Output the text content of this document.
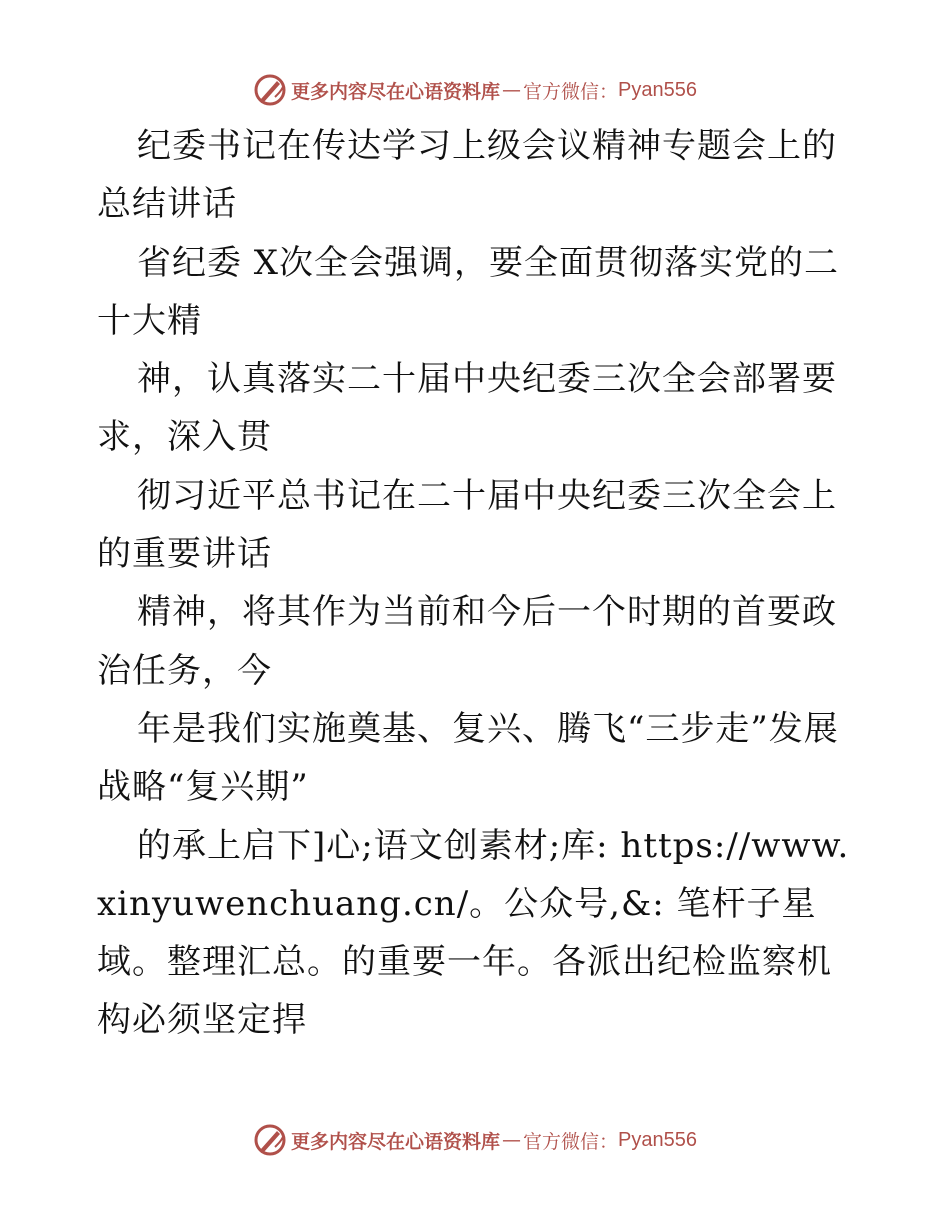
更多内容尽在心语资料库 — 官方微信： Pyan556

纪委书记在传达学习上级会议精神专题会上的总结讲话

省纪委 X次全会强调，要全面贯彻落实党的二十大精

神，认真落实二十届中央纪委三次全会部署要求，深入贯

彻习近平总书记在二十届中央纪委三次全会上的重要讲话

精神，将其作为当前和今后一个时期的首要政治任务，今

年是我们实施奠基、复兴、腾飞“三步走”发展战略“复兴期”

的承上启下]心;语文创素材;库: https://www.xinyuwenchuang.cn/。公众号,&: 笔杆子星域。整理汇总。的重要一年。各派出纪检监察机构必须坚定捍

更多内容尽在心语资料库 — 官方微信： Pyan556
